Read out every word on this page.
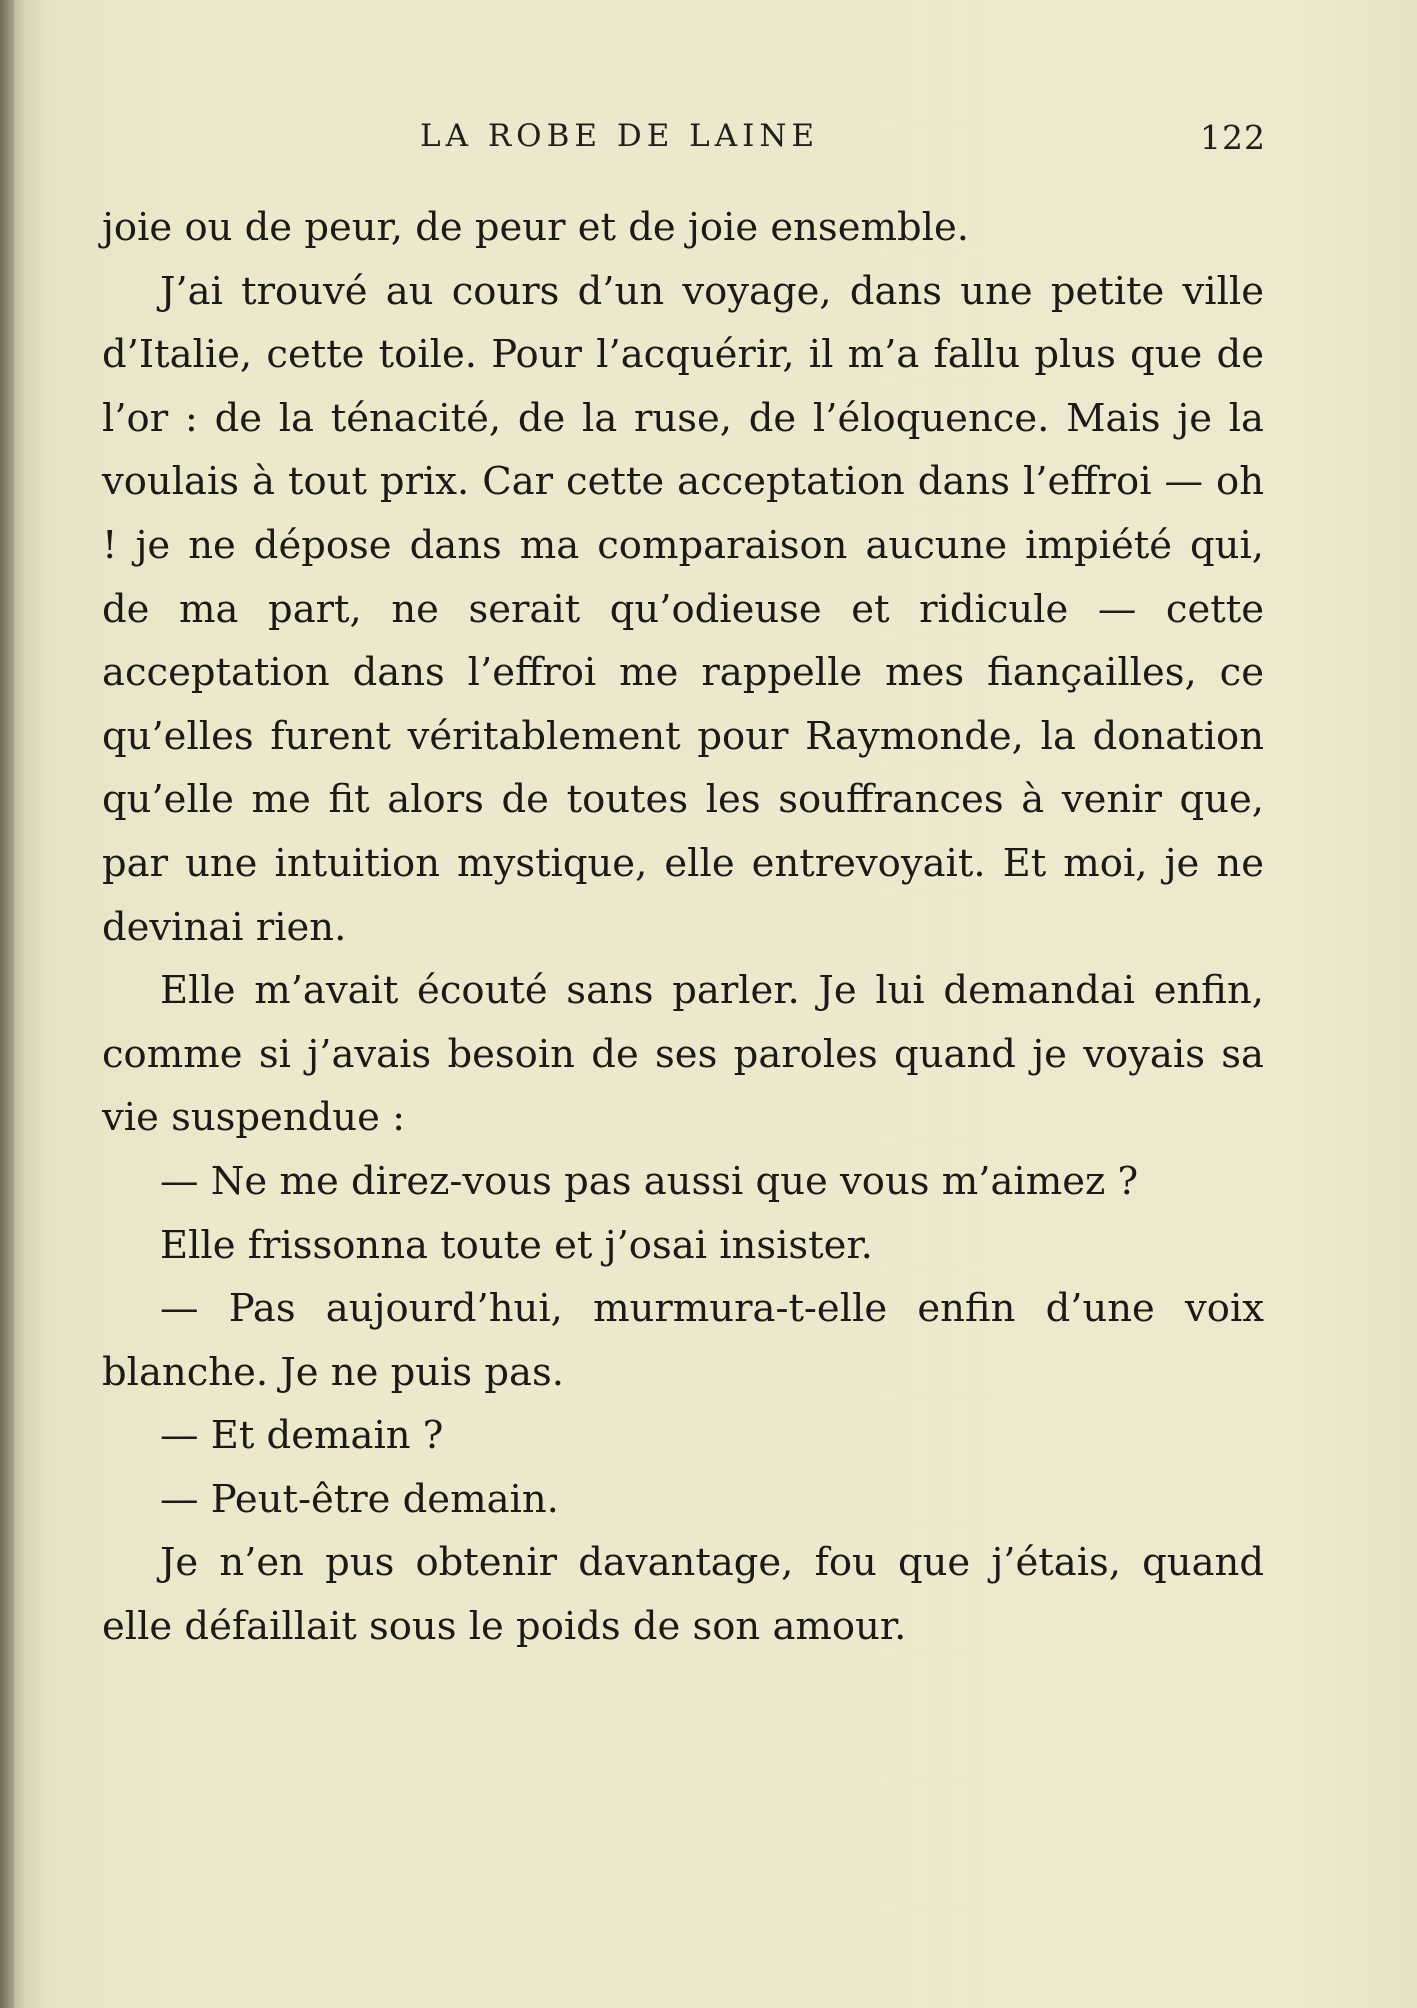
LA ROBE DE LAINE	122

joie ou de peur, de peur et de joie ensemble.

J’ai trouvé au cours d’un voyage, dans une petite ville d’Italie, cette toile. Pour l’acquérir, il m’a fallu plus que de l’or : de la ténacité, de la ruse, de l’éloquence. Mais je la voulais à tout prix. Car cette acceptation dans l’effroi — oh ! je ne dépose dans ma comparaison aucune impiété qui, de ma part, ne serait qu’odieuse et ridicule — cette acceptation dans l’effroi me rappelle mes fiançailles, ce qu’elles furent véritablement pour Raymonde, la donation qu’elle me fit alors de toutes les souffrances à venir que, par une intuition mystique, elle entrevoyait. Et moi, je ne devinai rien.

Elle m’avait écouté sans parler. Je lui demandai enfin, comme si j’avais besoin de ses paroles quand je voyais sa vie suspendue :

— Ne me direz-vous pas aussi que vous m’aimez ?

Elle frissonna toute et j’osai insister.

— Pas aujourd’hui, murmura-t-elle enfin d’une voix blanche. Je ne puis pas.

— Et demain ?

— Peut-être demain.

Je n’en pus obtenir davantage, fou que j’étais, quand elle défaillait sous le poids de son amour.
